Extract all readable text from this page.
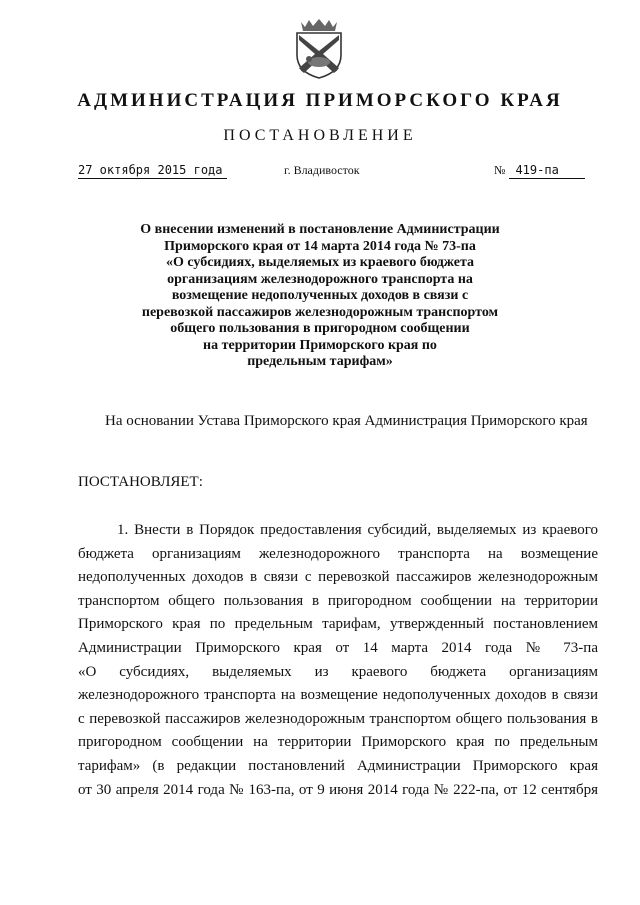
АДМИНИСТРАЦИЯ ПРИМОРСКОГО КРАЯ
ПОСТАНОВЛЕНИЕ
27 октября 2015 года	г. Владивосток	№ 419-па
О внесении изменений в постановление Администрации
Приморского края от 14 марта 2014 года № 73-па
«О субсидиях, выделяемых из краевого бюджета
организациям железнодорожного транспорта на
возмещение недополученных доходов в связи с
перевозкой пассажиров железнодорожным транспортом
общего пользования в пригородном сообщении
на территории Приморского края по
предельным тарифам»
На основании Устава Приморского края Администрация Приморского края
ПОСТАНОВЛЯЕТ:
1. Внести в Порядок предоставления субсидий, выделяемых из краевого
бюджета организациям железнодорожного транспорта на возмещение
недополученных доходов в связи с перевозкой пассажиров железнодорожным
транспортом общего пользования в пригородном сообщении на территории
Приморского края по предельным тарифам, утвержденный постановлением
Администрации Приморского края от 14 марта 2014 года № 73-па
«О субсидиях, выделяемых из краевого бюджета организациям
железнодорожного транспорта на возмещение недополученных доходов в связи
с перевозкой пассажиров железнодорожным транспортом общего пользования в
пригородном сообщении на территории Приморского края по предельным
тарифам» (в редакции постановлений Администрации Приморского края
от 30 апреля 2014 года № 163-па, от 9 июня 2014 года № 222-па, от 12 сентября
